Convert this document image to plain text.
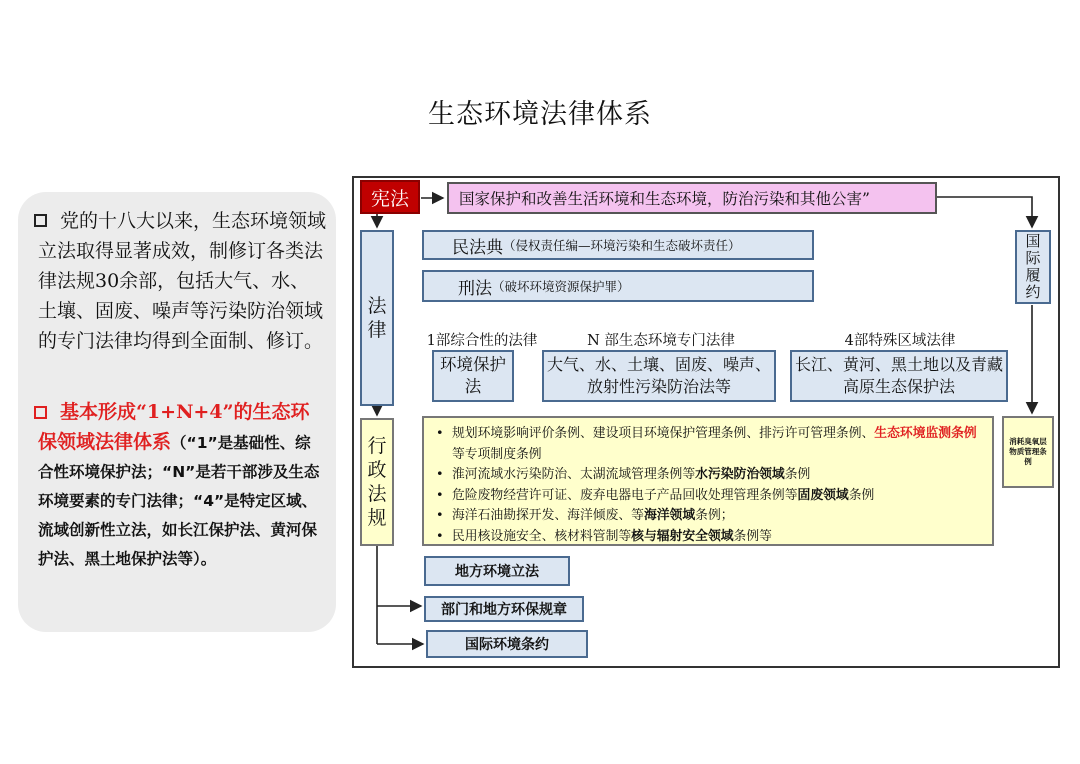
生态环境法律体系
党的十八大以来，生态环境领域立法取得显著成效，制修订各类法律法规30余部，包括大气、水、土壤、固废、噪声等污染防治领域的专门法律均得到全面制、修订。
基本形成“1+N+4”的生态环保领域法律体系（“1”是基础性、综合性环境保护法；“N”是若干部涉及生态环境要素的专门法律；“4”是特定区域、流域创新性立法，如长江保护法、黄河保护法、黑土地保护法等）。
宪法	国家保护和改善生活环境和生态环境，防治污染和其他公害”
法律
民法典 （侵权责任编—环境污染和生态破坏责任）
刑法 （破坏环境资源保护罪）
1部综合性的法律	N 部生态环境专门法律	4部特殊区域法律
环境保护法
大气、水、土壤、固废、噪声、放射性污染防治法等
长江、黄河、黑土地以及青藏高原生态保护法
行政法规
• 规划环境影响评价条例、建设项目环境保护管理条例、排污许可管理条例、生态环境监测条例等专项制度条例
• 淮河流域水污染防治、太湖流域管理条例等水污染防治领域条例
• 危险废物经营许可证、废弃电器电子产品回收处理管理条例等固废领域条例
• 海洋石油勘探开发、海洋倾废、等海洋领域条例；
• 民用核设施安全、核材料管制等核与辐射安全领域条例等
国际履约
消耗臭氧层物质管理条例
地方环境立法
部门和地方环保规章
国际环境条约
